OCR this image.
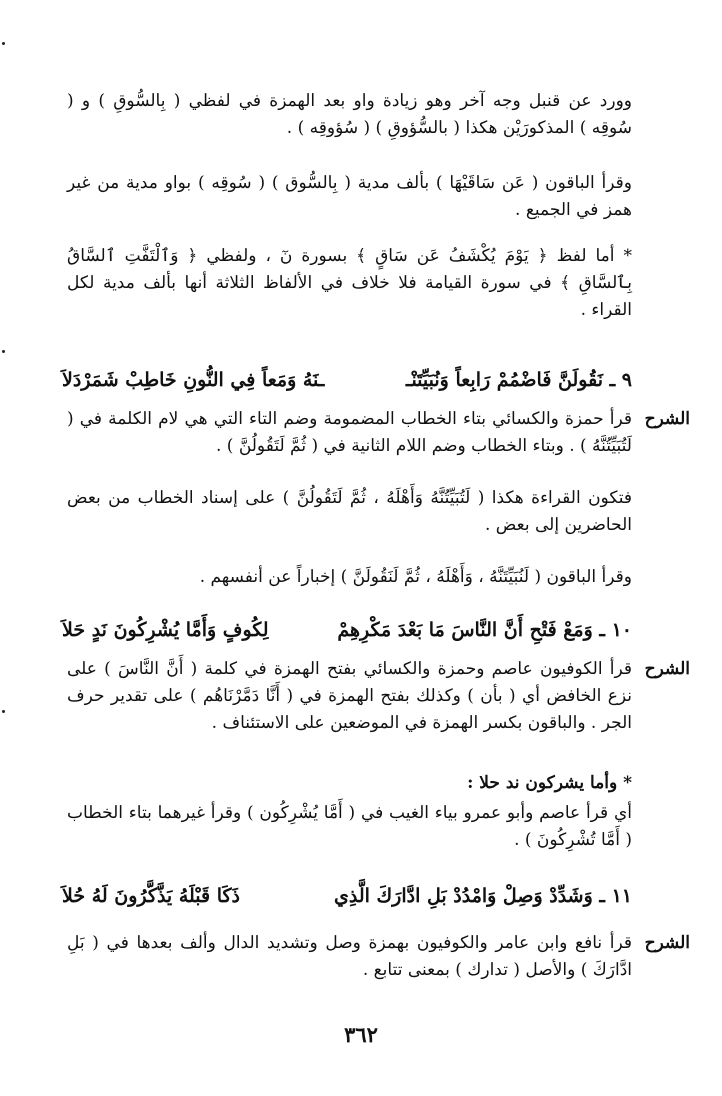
وورد عن قنبل وجه آخر وهو زيادة واو بعد الهمزة في لفظي ( بِالسُّوقِ ) و ( سُوقِه ) المذكورَيْن هكذا ( بالسُّؤوقِ ) ( سُؤوقِه ) .
وقرأ الباقون ( عَن سَاقَيْهَا ) بألف مدية ( بِالسُّوق ) ( سُوقِه ) بواو مدية من غير همز في الجميع .
* أما لفظ ﴿ يَوْمَ يُكْشَفُ عَن سَاقٍ ﴾ بسورة نٓ ، ولفظي ﴿ وَٱلْتَفَّتِ ٱلسَّاقُ بِٱلسَّاقِ ﴾ في سورة القيامة فلا خلاف في الألفاظ الثلاثة أنها بألف مدية لكل القراء .
٩ ـ نَقُولَنَّ فَاضْمُمْ رَابِعاً وَنُبَيِّتَنْـ
ـنَهُ وَمَعاً فِي النُّونِ خَاطِبْ شَمَرْدَلاَ
الشرح
قرأ حمزة والكسائي بتاء الخطاب المضمومة وضم التاء التي هي لام الكلمة في ( لَتُبَيِّتُنَّهُ ) . وبتاء الخطاب وضم اللام الثانية في ( ثُمَّ لَتَقُولُنَّ ) .
فتكون القراءة هكذا ( لَتُبَيِّتُنَّهُ وَأَهْلَهُ ، ثُمَّ لَتَقُولُنَّ ) على إسناد الخطاب من بعض الحاضرين إلى بعض .
وقرأ الباقون ( لَنُبَيِّتَنَّهُ ، وَأَهْلَهُ ، ثُمَّ لَنَقُولَنَّ ) إخباراً عن أنفسهم .
١٠ ـ وَمَعْ فَتْحِ أَنَّ النَّاسَ مَا بَعْدَ مَكْرِهِمْ
لِكُوفٍ وَأَمَّا يُشْرِكُونَ نَدٍ حَلاَ
الشرح
قرأ الكوفيون عاصم وحمزة والكسائي بفتح الهمزة في كلمة ( أَنَّ النَّاسَ ) على نزع الخافض أي ( بأن ) وكذلك بفتح الهمزة في ( أَنَّا دَمَّرْنَاهُم ) على تقدير حرف الجر . والباقون بكسر الهمزة في الموضعين على الاستئناف .
* وأما يشركون ند حلا :
أي قرأ عاصم وأبو عمرو بياء الغيب في ( أَمَّا يُشْرِكُون ) وقرأ غيرهما بتاء الخطاب ( أَمَّا تُشْرِكُونَ ) .
١١ ـ وَشَدِّدْ وَصِلْ وَامْدُدْ بَلِ ادَّارَكَ الَّذِي
ذَكَا قَبْلَهُ يَذَّكَّرُونَ لَهُ حُلاَ
الشرح
قرأ نافع وابن عامر والكوفيون بهمزة وصل وتشديد الدال وألف بعدها في ( بَلِ ادَّارَكَ ) والأصل ( تدارك ) بمعنى تتابع .
٣٦٢
